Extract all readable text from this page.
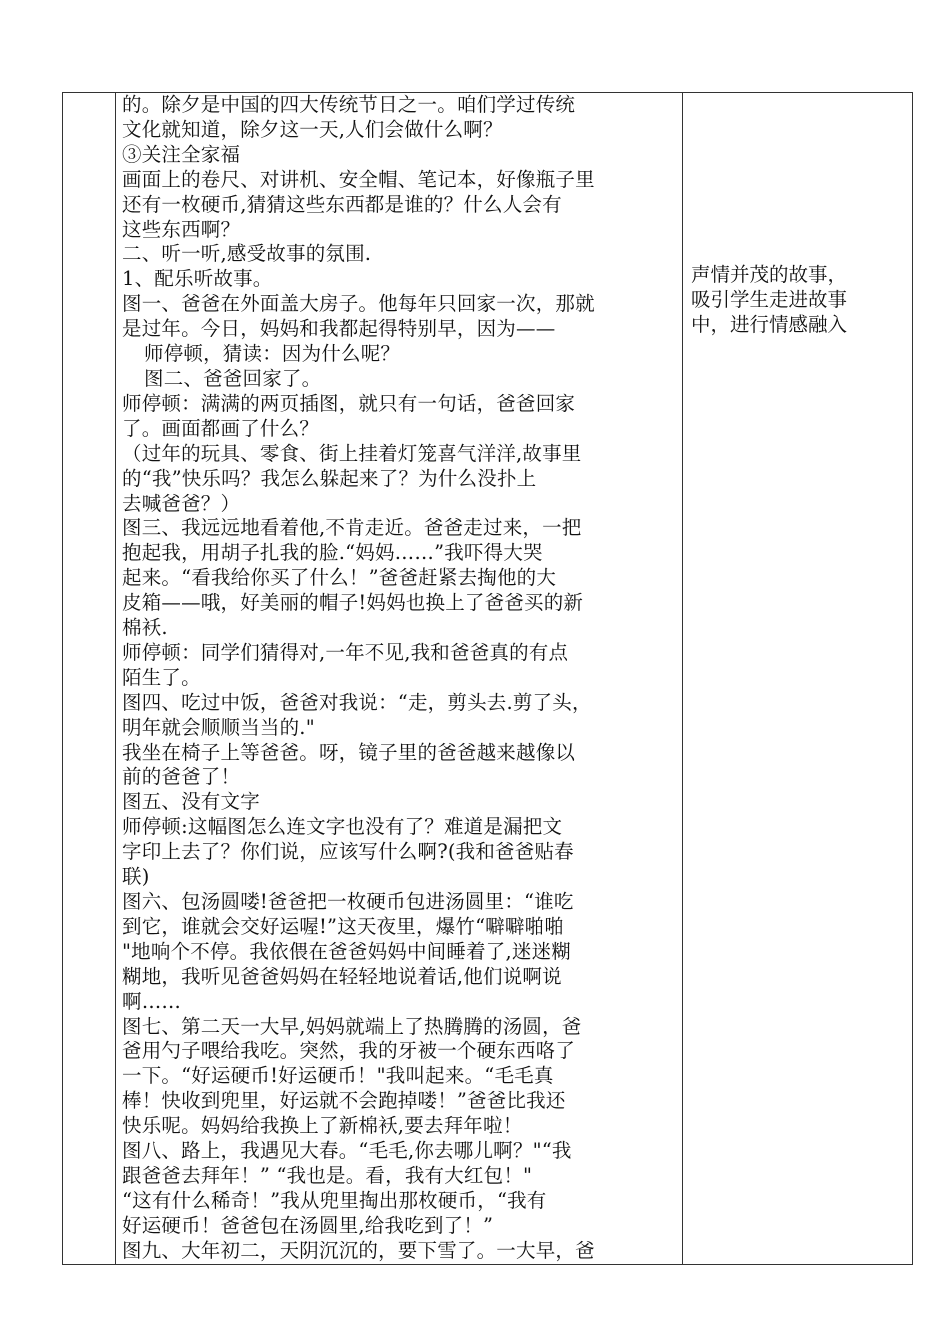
的。除夕是中国的四大传统节日之一。咱们学过传统
文化就知道，除夕这一天,人们会做什么啊？
③关注全家福
画面上的卷尺、对讲机、安全帽、笔记本，好像瓶子里
还有一枚硬币,猜猜这些东西都是谁的？什么人会有
这些东西啊？
二、听一听,感受故事的氛围.
1、配乐听故事。
图一、爸爸在外面盖大房子。他每年只回家一次，那就
是过年。今日，妈妈和我都起得特别早，因为——
师停顿，猜读：因为什么呢？
图二、爸爸回家了。
师停顿：满满的两页插图，就只有一句话，爸爸回家
了。画面都画了什么？
（过年的玩具、零食、街上挂着灯笼喜气洋洋,故事里
的“我”快乐吗？我怎么躲起来了？为什么没扑上
去喊爸爸？）
图三、我远远地看着他,不肯走近。爸爸走过来，一把
抱起我，用胡子扎我的脸.“妈妈……”我吓得大哭
起来。“看我给你买了什么！”爸爸赶紧去掏他的大
皮箱——哦，好美丽的帽子!妈妈也换上了爸爸买的新
棉袄.
师停顿：同学们猜得对,一年不见,我和爸爸真的有点
陌生了。
图四、吃过中饭，爸爸对我说：“走，剪头去.剪了头，
明年就会顺顺当当的."
我坐在椅子上等爸爸。呀，镜子里的爸爸越来越像以
前的爸爸了！
图五、没有文字
师停顿:这幅图怎么连文字也没有了？难道是漏把文
字印上去了？你们说，应该写什么啊?(我和爸爸贴春
联)
图六、包汤圆喽!爸爸把一枚硬币包进汤圆里：“谁吃
到它，谁就会交好运喔!”这天夜里，爆竹“噼噼啪啪
"地响个不停。我依偎在爸爸妈妈中间睡着了,迷迷糊
糊地，我听见爸爸妈妈在轻轻地说着话,他们说啊说
啊……
图七、第二天一大早,妈妈就端上了热腾腾的汤圆，爸
爸用勺子喂给我吃。突然，我的牙被一个硬东西咯了
一下。“好运硬币!好运硬币！"我叫起来。“毛毛真
棒！快收到兜里，好运就不会跑掉喽！”爸爸比我还
快乐呢。妈妈给我换上了新棉袄,要去拜年啦！
图八、路上，我遇见大春。“毛毛,你去哪儿啊？"“我
跟爸爸去拜年！” “我也是。看，我有大红包！"
“这有什么稀奇！”我从兜里掏出那枚硬币，“我有
好运硬币！爸爸包在汤圆里,给我吃到了！”
图九、大年初二，天阴沉沉的，要下雪了。一大早，爸

声情并茂的故事，
吸引学生走进故事
中，进行情感融入
